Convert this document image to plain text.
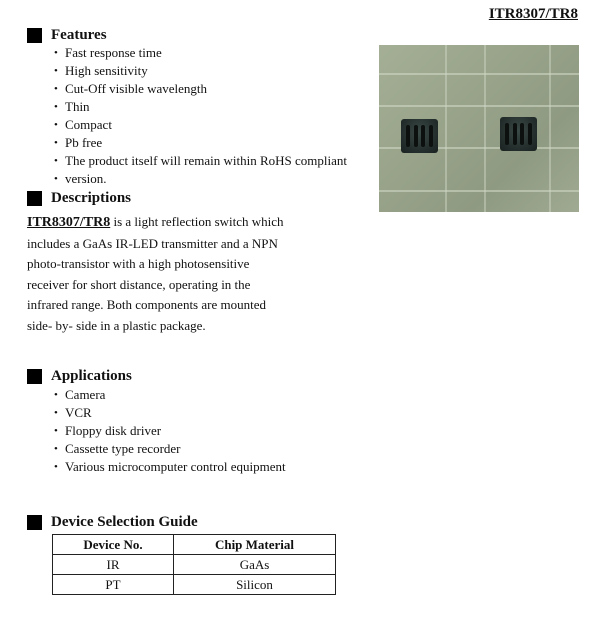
ITR8307/TR8
Features
• Fast response time
• High sensitivity
• Cut-Off visible wavelength
• Thin
• Compact
• Pb free
• The product itself will remain within RoHS compliant
• version.
Descriptions
ITR8307/TR8 is a light reflection switch which
includes a GaAs IR-LED transmitter and a NPN
photo-transistor with a high photosensitive
receiver for short distance, operating in the
infrared range. Both components are mounted
side- by- side in a plastic package.
Applications
• Camera
• VCR
• Floppy disk driver
• Cassette type recorder
• Various microcomputer control equipment
Device Selection Guide
Device No.	Chip Material
IR	GaAs
PT	Silicon
